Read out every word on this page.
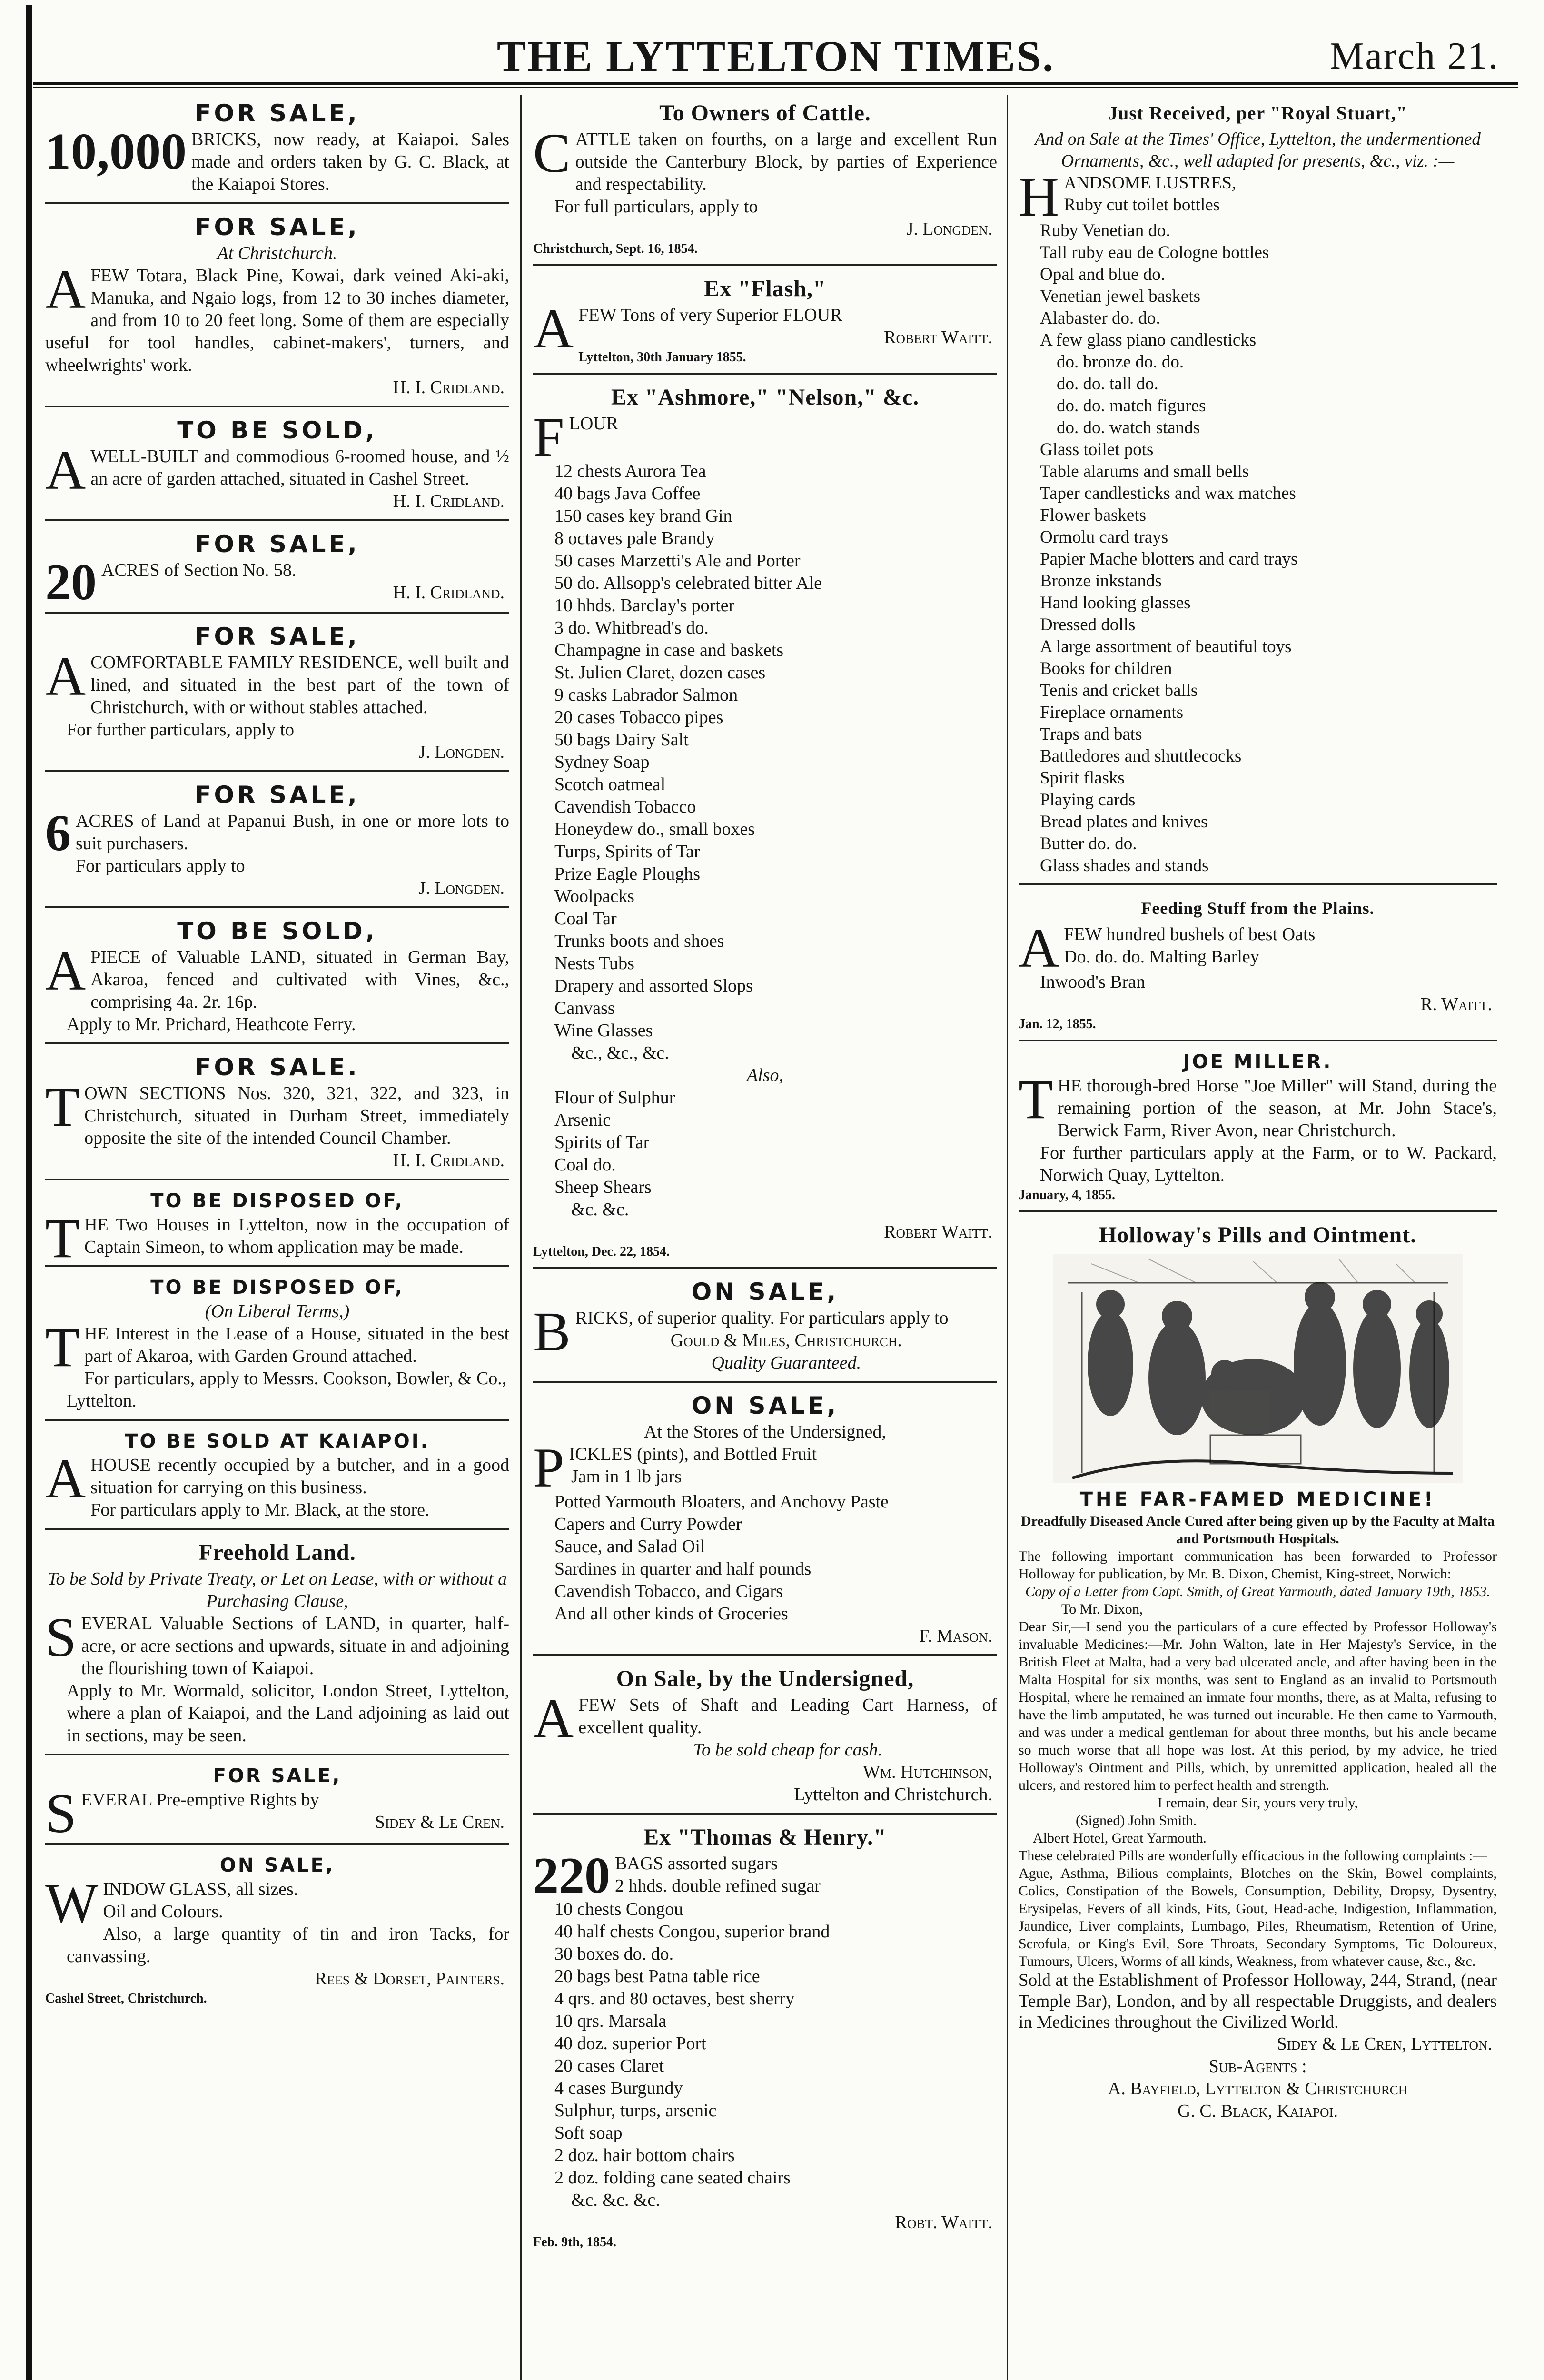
THE LYTTELTON TIMES.	March 21.
FOR SALE,
10,000 BRICKS, now ready, at Kaiapoi. Sales made and orders taken by G. C. Black, at the Kaiapoi Stores.
FOR SALE,
At Christchurch.
AFEW Totara, Black Pine, Kowai, dark veined Aki-aki, Manuka, and Ngaio logs, from 12 to 30 inches diameter, and from 10 to 20 feet long. Some of them are especially useful for tool handles, cabinet-makers', turners, and wheelwrights' work.
H. I. Cridland.
TO BE SOLD,
AWELL-BUILT and commodious 6-roomed house, and ½ an acre of garden attached, situated in Cashel Street.
H. I. Cridland.
FOR SALE,
20 ACRES of Section No. 58.
H. I. Cridland.
FOR SALE,
ACOMFORTABLE FAMILY RESIDENCE, well built and lined, and situated in the best part of the town of Christchurch, with or without stables attached.
For further particulars, apply to
J. Longden.
FOR SALE,
6 ACRES of Land at Papanui Bush, in one or more lots to suit purchasers.
For particulars apply to
J. Longden.
TO BE SOLD,
APIECE of Valuable LAND, situated in German Bay, Akaroa, fenced and cultivated with Vines, &c., comprising 4a. 2r. 16p.
Apply to Mr. Prichard, Heathcote Ferry.
FOR SALE.
TOWN SECTIONS Nos. 320, 321, 322, and 323, in Christchurch, situated in Durham Street, immediately opposite the site of the intended Council Chamber.
H. I. Cridland.
TO BE DISPOSED OF,
THE Two Houses in Lyttelton, now in the occupation of Captain Simeon, to whom application may be made.
TO BE DISPOSED OF,
(On Liberal Terms,)
THE Interest in the Lease of a House, situated in the best part of Akaroa, with Garden Ground attached.
For particulars, apply to Messrs. Cookson, Bowler, & Co., Lyttelton.
TO BE SOLD AT KAIAPOI.
AHOUSE recently occupied by a butcher, and in a good situation for carrying on this business.
For particulars apply to Mr. Black, at the store.
Freehold Land.
To be Sold by Private Treaty, or Let on Lease, with or without a Purchasing Clause,
SEVERAL Valuable Sections of LAND, in quarter, half-acre, or acre sections and upwards, situate in and adjoining the flourishing town of Kaiapoi.
Apply to Mr. Wormald, solicitor, London Street, Lyttelton, where a plan of Kaiapoi, and the Land adjoining as laid out in sections, may be seen.
FOR SALE,
SEVERAL Pre-emptive Rights by
Sidey & Le Cren.
ON SALE,
WINDOW GLASS, all sizes.
Oil and Colours.
Also, a large quantity of tin and iron Tacks, for canvassing.
Rees & Dorset, Painters.
Cashel Street, Christchurch.
To Owners of Cattle.
CATTLE taken on fourths, on a large and excellent Run outside the Canterbury Block, by parties of Experience and respectability.
For full particulars, apply to
J. Longden.
Christchurch, Sept. 16, 1854.
Ex "Flash,"
AFEW Tons of very Superior FLOUR
Robert Waitt.
Lyttelton, 30th January 1855.
Ex "Ashmore," "Nelson," &c.
FLOUR
12 chests Aurora Tea
40 bags Java Coffee
150 cases key brand Gin
8 octaves pale Brandy
50 cases Marzetti's Ale and Porter
50 do. Allsopp's celebrated bitter Ale
10 hhds. Barclay's porter
3 do. Whitbread's do.
Champagne in case and baskets
St. Julien Claret, dozen cases
9 casks Labrador Salmon
20 cases Tobacco pipes
50 bags Dairy Salt
Sydney Soap
Scotch oatmeal
Cavendish Tobacco
Honeydew do., small boxes
Turps, Spirits of Tar
Prize Eagle Ploughs
Woolpacks
Coal Tar
Trunks boots and shoes
Nests Tubs
Drapery and assorted Slops
Canvass
Wine Glasses
&c., &c., &c.
Also,
Flour of Sulphur
Arsenic
Spirits of Tar
Coal do.
Sheep Shears
&c. &c.
Robert Waitt.
Lyttelton, Dec. 22, 1854.
ON SALE,
BRICKS, of superior quality. For particulars apply to
Gould & Miles, Christchurch.
Quality Guaranteed.
ON SALE,
At the Stores of the Undersigned,
PICKLES (pints), and Bottled Fruit
Jam in 1 lb jars
Potted Yarmouth Bloaters, and Anchovy Paste
Capers and Curry Powder
Sauce, and Salad Oil
Sardines in quarter and half pounds
Cavendish Tobacco, and Cigars
And all other kinds of Groceries
F. Mason.
On Sale, by the Undersigned,
AFEW Sets of Shaft and Leading Cart Harness, of excellent quality.
To be sold cheap for cash.
Wm. Hutchinson,
Lyttelton and Christchurch.
Ex "Thomas & Henry."
220 BAGS assorted sugars
2 hhds. double refined sugar
10 chests Congou
40 half chests Congou, superior brand
30 boxes do. do.
20 bags best Patna table rice
4 qrs. and 80 octaves, best sherry
10 qrs. Marsala
40 doz. superior Port
20 cases Claret
4 cases Burgundy
Sulphur, turps, arsenic
Soft soap
2 doz. hair bottom chairs
2 doz. folding cane seated chairs
&c. &c. &c.
Robt. Waitt.
Feb. 9th, 1854.
Just Received, per "Royal Stuart,"
And on Sale at the Times' Office, Lyttelton, the undermentioned Ornaments, &c., well adapted for presents, &c., viz. :—
HANDSOME LUSTRES,
Ruby cut toilet bottles
Ruby Venetian do.
Tall ruby eau de Cologne bottles
Opal and blue do.
Venetian jewel baskets
Alabaster do. do.
A few glass piano candlesticks
do. bronze do. do.
do. do. tall do.
do. do. match figures
do. do. watch stands
Glass toilet pots
Table alarums and small bells
Taper candlesticks and wax matches
Flower baskets
Ormolu card trays
Papier Mache blotters and card trays
Bronze inkstands
Hand looking glasses
Dressed dolls
A large assortment of beautiful toys
Books for children
Tenis and cricket balls
Fireplace ornaments
Traps and bats
Battledores and shuttlecocks
Spirit flasks
Playing cards
Bread plates and knives
Butter do. do.
Glass shades and stands
Feeding Stuff from the Plains.
AFEW hundred bushels of best Oats
Do. do. do. Malting Barley
Inwood's Bran
R. Waitt.
Jan. 12, 1855.
JOE MILLER.
THE thorough-bred Horse "Joe Miller" will Stand, during the remaining portion of the season, at Mr. John Stace's, Berwick Farm, River Avon, near Christchurch.
For further particulars apply at the Farm, or to W. Packard, Norwich Quay, Lyttelton.
January, 4, 1855.
Holloway's Pills and Ointment.
THE FAR-FAMED MEDICINE!
Dreadfully Diseased Ancle Cured after being given up by the Faculty at Malta and Portsmouth Hospitals.
The following important communication has been forwarded to Professor Holloway for publication, by Mr. B. Dixon, Chemist, King-street, Norwich:
Copy of a Letter from Capt. Smith, of Great Yarmouth, dated January 19th, 1853.
To Mr. Dixon,
Dear Sir,—I send you the particulars of a cure effected by Professor Holloway's invaluable Medicines:—Mr. John Walton, late in Her Majesty's Service, in the British Fleet at Malta, had a very bad ulcerated ancle, and after having been in the Malta Hospital for six months, was sent to England as an invalid to Portsmouth Hospital, where he remained an inmate four months, there, as at Malta, refusing to have the limb amputated, he was turned out incurable. He then came to Yarmouth, and was under a medical gentleman for about three months, but his ancle became so much worse that all hope was lost. At this period, by my advice, he tried Holloway's Ointment and Pills, which, by unremitted application, healed all the ulcers, and restored him to perfect health and strength.
I remain, dear Sir, yours very truly,
(Signed) John Smith.
Albert Hotel, Great Yarmouth.
These celebrated Pills are wonderfully efficacious in the following complaints :—
Ague, Asthma, Bilious complaints, Blotches on the Skin, Bowel complaints, Colics, Constipation of the Bowels, Consumption, Debility, Dropsy, Dysentry, Erysipelas, Fevers of all kinds, Fits, Gout, Head-ache, Indigestion, Inflammation, Jaundice, Liver complaints, Lumbago, Piles, Rheumatism, Retention of Urine, Scrofula, or King's Evil, Sore Throats, Secondary Symptoms, Tic Doloureux, Tumours, Ulcers, Worms of all kinds, Weakness, from whatever cause, &c., &c.
Sold at the Establishment of Professor Holloway, 244, Strand, (near Temple Bar), London, and by all respectable Druggists, and dealers in Medicines throughout the Civilized World.
Sidey & Le Cren, Lyttelton.
Sub-Agents :
A. Bayfield, Lyttelton & Christchurch
G. C. Black, Kaiapoi.
